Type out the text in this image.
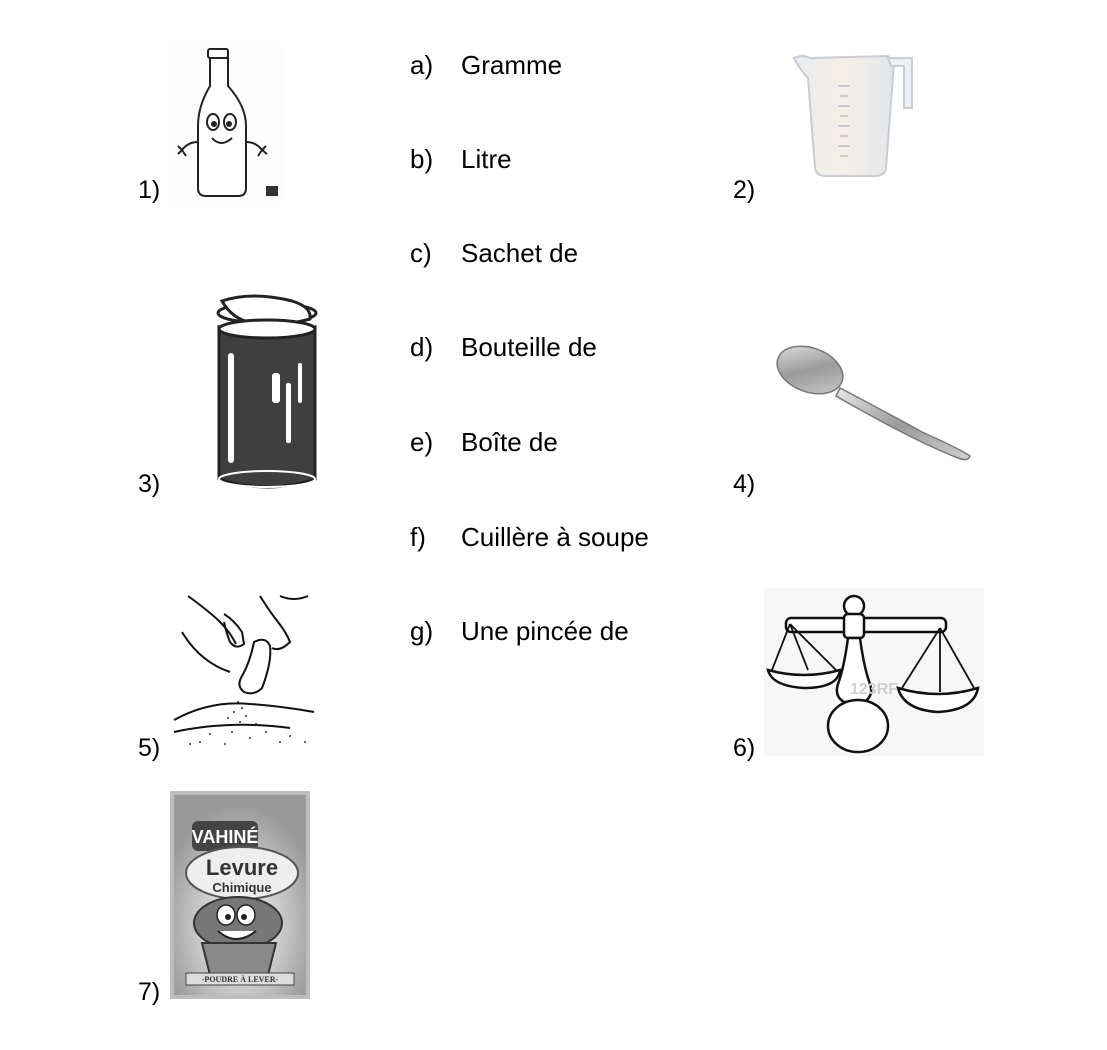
1)	2)
3)	4)
5)	6)
7)
a) Gramme
b) Litre
c) Sachet de
d) Bouteille de
e) Boîte de
f) Cuillère à soupe
g) Une pincée de
123RF
VAHINÉ
Levure
Chimique
-POUDRE À LEVER-
